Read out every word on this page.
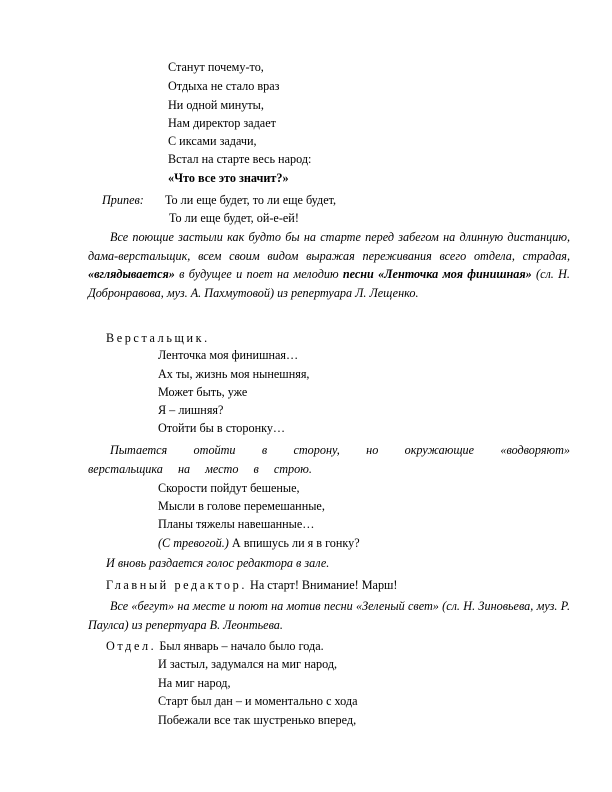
Станут почему-то,
Отдыха не стало враз
Ни одной минуты,
Нам директор задает
С иксами задачи,
Встал на старте весь народ:
«Что все это значит?»
Припев: То ли еще будет, то ли еще будет,
То ли еще будет, ой-е-ей!
Все поющие застыли как будто бы на старте перед забегом на длинную дистанцию, дама-верстальщик, всем своим видом выражая переживания всего отдела, страдая, «вглядывается» в будущее и поет на мелодию песни «Ленточка моя финишная» (сл. Н. Добронравова, муз. А. Пахмутовой) из репертуара Л. Лещенко.
Верстальщик.
Ленточка моя финишная…
Ах ты, жизнь моя нынешняя,
Может быть, уже
Я – лишняя?
Отойти бы в сторонку…
Пытается отойти в сторону, но окружающие «водворяют» верстальщика на место в строю.
Скорости пойдут бешеные,
Мысли в голове перемешанные,
Планы тяжелы навешанные…
(С тревогой.) А впишусь ли я в гонку?
И вновь раздается голос редактора в зале.
Главный редактор. На старт! Внимание! Марш!
Все «бегут» на месте и поют на мотив песни «Зеленый свет» (сл. Н. Зиновьева, муз. Р. Паулса) из репертуара В. Леонтьева.
Отдел. Был январь – начало было года.
И застыл, задумался на миг народ,
На миг народ,
Старт был дан – и моментально с хода
Побежали все так шустренько вперед,
